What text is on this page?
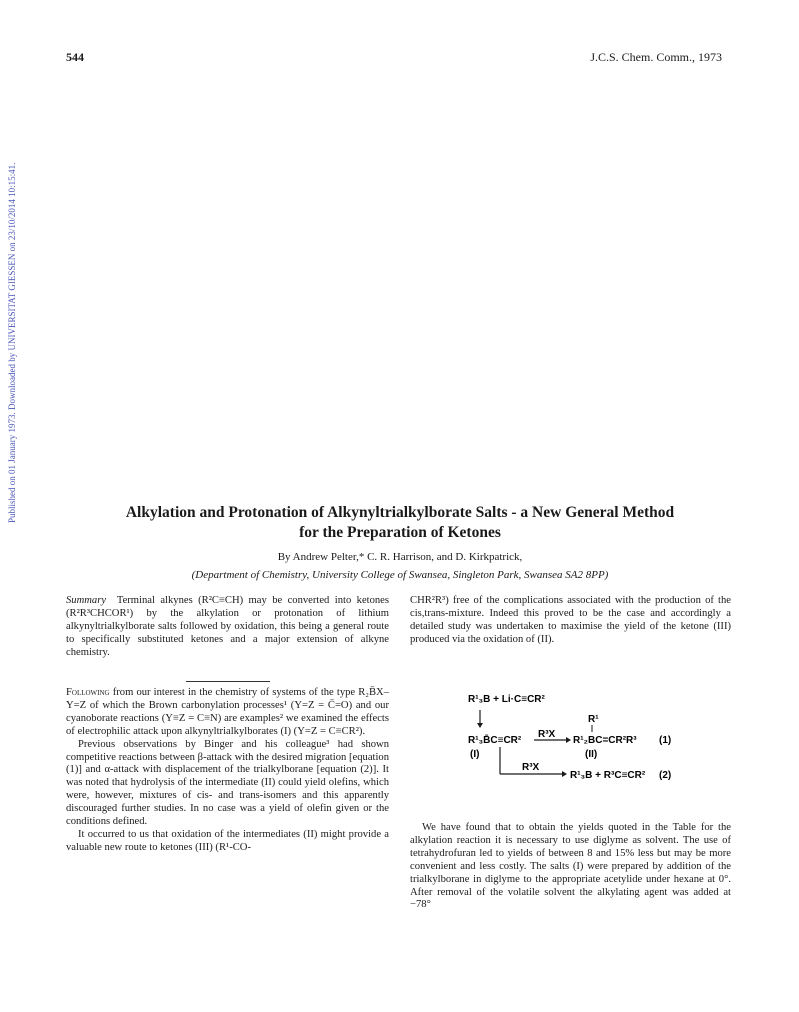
Published on 01 January 1973. Downloaded by UNIVERSITAT GIESSEN on 23/10/2014 10:15:41.
544	J.C.S. Chem. Comm., 1973
Alkylation and Protonation of Alkynyltrialkylborate Salts - a New General Method
for the Preparation of Ketones
By Andrew Pelter,* C. R. Harrison, and D. Kirkpatrick,
(Department of Chemistry, University College of Swansea, Singleton Park, Swansea SA2 8PP)

Summary Terminal alkynes (R²C≡CH) may be converted into ketones (R²R³CHCOR¹) by the alkylation or protonation of lithium alkynyltrialkylborate salts followed by oxidation, this being a general route to specifically substituted ketones and a major extension of alkyne chemistry.

CHR²R³) free of the complications associated with the production of the cis,trans-mixture. Indeed this proved to be the case and accordingly a detailed study was undertaken to maximise the yield of the ketone (III) produced via the oxidation of (II).

Following from our interest in the chemistry of systems of the type R₂B̄X–Y=Z of which the Brown carbonylation processes¹ (Y=Z = C̄=O) and our cyanoborate reactions (Y≡Z = C≡N) are examples² we examined the effects of electrophilic attack upon alkynyltrialkylborates (I) (Y=Z = C≡CR²).

Previous observations by Binger and his colleague³ had shown competitive reactions between β-attack with the desired migration [equation (1)] and α-attack with displacement of the trialkylborane [equation (2)]. It was noted that hydrolysis of the intermediate (II) could yield olefins, which were, however, mixtures of cis- and trans-isomers and this apparently discouraged further studies. In no case was a yield of olefin given or the conditions defined.

It occurred to us that oxidation of the intermediates (II) might provide a valuable new route to ketones (III) (R¹-CO-

R¹₃B + Li·C≡CR²
R¹₃B̄C≡CR²
R³X
R¹
R¹₂BC=CR²R³ (1)
(I)	(II)
R³X
R¹₃B + R³C≡CR² (2)

We have found that to obtain the yields quoted in the Table for the alkylation reaction it is necessary to use diglyme as solvent. The use of tetrahydrofuran led to yields of between 8 and 15% less but may be more convenient and less costly. The salts (I) were prepared by addition of the trialkylborane in diglyme to the appropriate acetylide under hexane at 0°. After removal of the volatile solvent the alkylating agent was added at −78°
